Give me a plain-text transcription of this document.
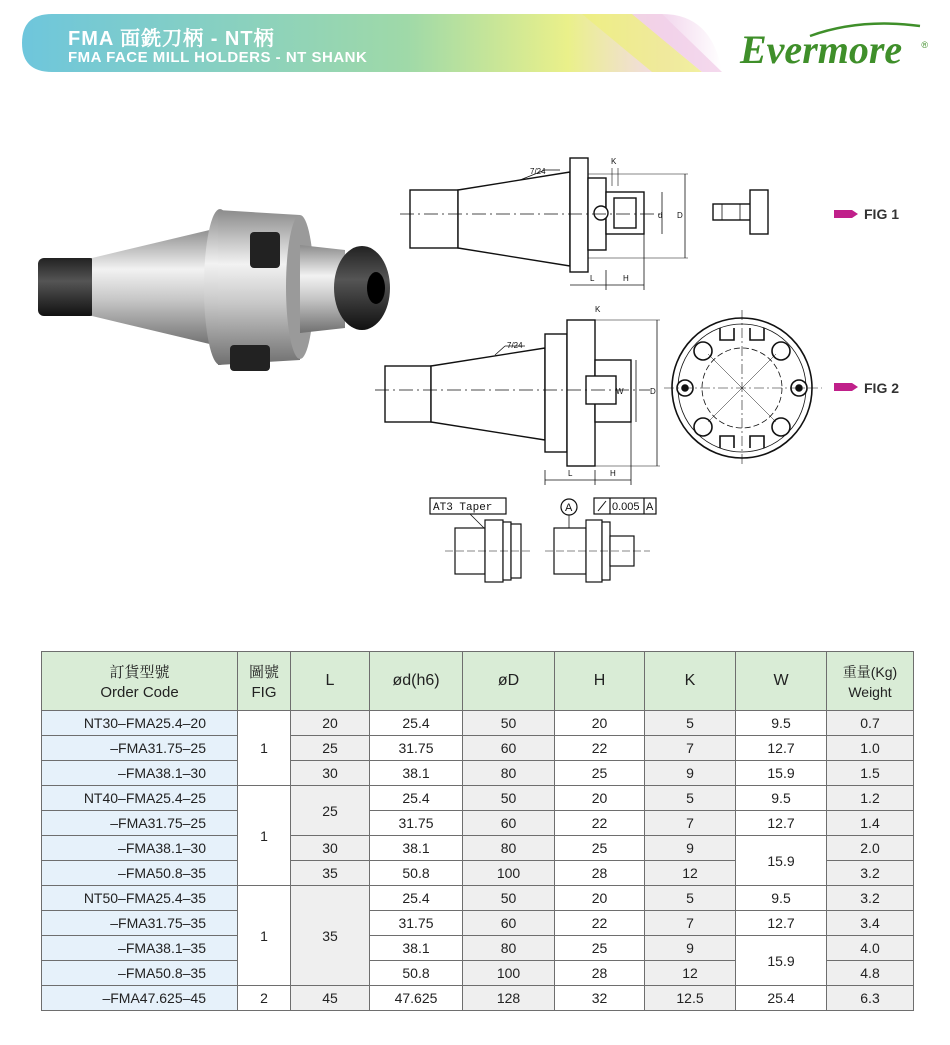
FMA 面銑刀柄 - NT柄
FMA FACE MILL HOLDERS - NT SHANK	Evermore ®
7/24
L	H
K
D
d
7/24
L	H
K
D
W
AT3 Taper	A	0.005 A
FIG 1
FIG 2
訂貨型號
Order Code	圖號
FIG	L	ød(h6)	øD	H	K	W	重量(Kg)
Weight

NT30–FMA25.4–20	1	20	25.4	50	20	5	9.5	0.7
–FMA31.75–25		25	31.75	60	22	7	12.7	1.0
–FMA38.1–30		30	38.1	80	25	9	15.9	1.5
NT40–FMA25.4–25	1	25	25.4	50	20	5	9.5	1.2
–FMA31.75–25			31.75	60	22	7	12.7	1.4
–FMA38.1–30		30	38.1	80	25	9	15.9	2.0
–FMA50.8–35		35	50.8	100	28	12		3.2
NT50–FMA25.4–35	1	35	25.4	50	20	5	9.5	3.2
–FMA31.75–35			31.75	60	22	7	12.7	3.4
–FMA38.1–35			38.1	80	25	9	15.9	4.0
–FMA50.8–35			50.8	100	28	12		4.8
–FMA47.625–45	2	45	47.625	128	32	12.5	25.4	6.3
